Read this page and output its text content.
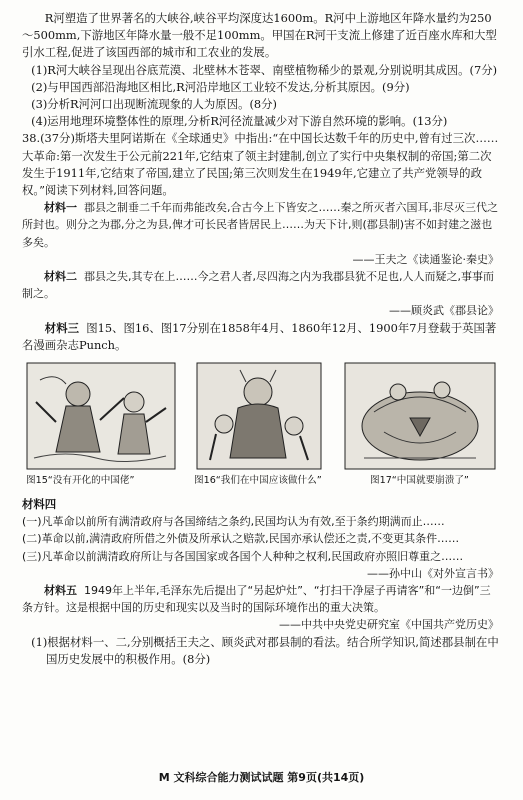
R河塑造了世界著名的大峡谷,峡谷平均深度达1600m。R河中上游地区年降水量约为250～500mm,下游地区年降水量一般不足100mm。甲国在R河干支流上修建了近百座水库和大型引水工程,促进了该国西部的城市和工农业的发展。

(1)R河大峡谷呈现出谷底荒漠、北壁林木苍翠、南壁植物稀少的景观,分别说明其成因。(7分)

(2)与甲国西部沿海地区相比,R河沿岸地区工业较不发达,分析其原因。(9分)

(3)分析R河河口出现断流现象的人为原因。(8分)

(4)运用地理环境整体性的原理,分析R河径流量减少对下游自然环境的影响。(13分)

38.(37分)斯塔夫里阿诺斯在《全球通史》中指出:“在中国长达数千年的历史中,曾有过三次……大革命:第一次发生于公元前221年,它结束了领主封建制,创立了实行中央集权制的帝国;第二次发生于1911年,它结束了帝国,建立了民国;第三次则发生在1949年,它建立了共产党领导的政权。”阅读下列材料,回答问题。

材料一 郡县之制垂二千年而弗能改矣,合古今上下皆安之……秦之所灭者六国耳,非尽灭三代之所封也。则分之为郡,分之为县,俾才可长民者皆居民上……为天下计,则(郡县制)害不如封建之滋也多矣。

——王夫之《读通鉴论·秦史》

材料二 郡县之失,其专在上……今之君人者,尽四海之内为我郡县犹不足也,人人而疑之,事事而制之。

——顾炎武《郡县论》

材料三 图15、图16、图17分别在1858年4月、1860年12月、1900年7月登载于英国著名漫画杂志Punch。

图15“没有开化的中国佬”	图16“我们在中国应该做什么”	图17“中国就要崩溃了”

材料四

(一)凡革命以前所有满清政府与各国缔结之条约,民国均认为有效,至于条约期满而止……

(二)革命以前,满清政府所借之外债及所承认之赔款,民国亦承认偿还之责,不变更其条件……

(三)凡革命以前满清政府所让与各国国家或各国个人种种之权利,民国政府亦照旧尊重之……

——孙中山《对外宣言书》

材料五 1949年上半年,毛泽东先后提出了“另起炉灶”、“打扫干净屋子再请客”和“一边倒”三条方针。这是根据中国的历史和现实以及当时的国际环境作出的重大决策。

——中共中央党史研究室《中国共产党历史》

(1)根据材料一、二,分别概括王夫之、顾炎武对郡县制的看法。结合所学知识,简述郡县制在中国历史发展中的积极作用。(8分)

M 文科综合能力测试试题 第9页(共14页)
